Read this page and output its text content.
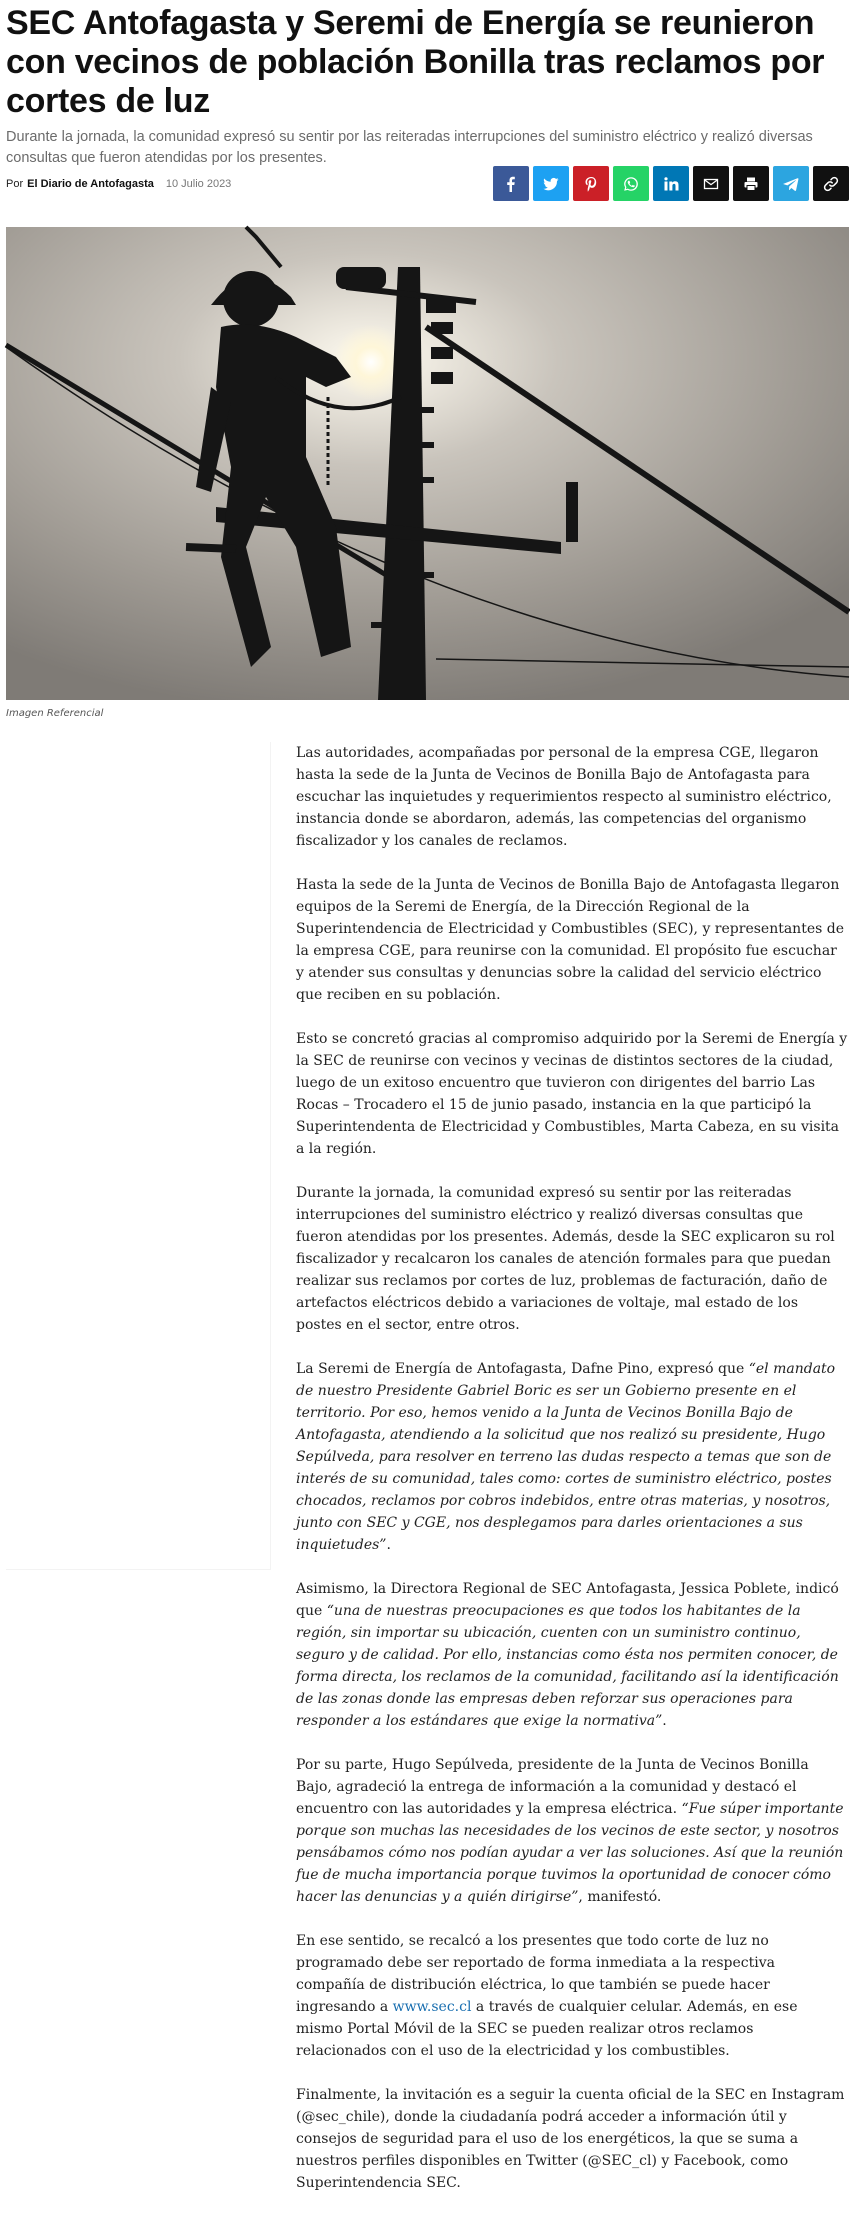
SEC Antofagasta y Seremi de Energía se reunieron con vecinos de población Bonilla tras reclamos por cortes de luz

Durante la jornada, la comunidad expresó su sentir por las reiteradas interrupciones del suministro eléctrico y realizó diversas consultas que fueron atendidas por los presentes.

Por El Diario de Antofagasta 10 Julio 2023
Imagen Referencial

Las autoridades, acompañadas por personal de la empresa CGE, llegaron hasta la sede de la Junta de Vecinos de Bonilla Bajo de Antofagasta para escuchar las inquietudes y requerimientos respecto al suministro eléctrico, instancia donde se abordaron, además, las competencias del organismo fiscalizador y los canales de reclamos.

Hasta la sede de la Junta de Vecinos de Bonilla Bajo de Antofagasta llegaron equipos de la Seremi de Energía, de la Dirección Regional de la Superintendencia de Electricidad y Combustibles (SEC), y representantes de la empresa CGE, para reunirse con la comunidad. El propósito fue escuchar y atender sus consultas y denuncias sobre la calidad del servicio eléctrico que reciben en su población.

Esto se concretó gracias al compromiso adquirido por la Seremi de Energía y la SEC de reunirse con vecinos y vecinas de distintos sectores de la ciudad, luego de un exitoso encuentro que tuvieron con dirigentes del barrio Las Rocas – Trocadero el 15 de junio pasado, instancia en la que participó la Superintendenta de Electricidad y Combustibles, Marta Cabeza, en su visita a la región.

Durante la jornada, la comunidad expresó su sentir por las reiteradas interrupciones del suministro eléctrico y realizó diversas consultas que fueron atendidas por los presentes. Además, desde la SEC explicaron su rol fiscalizador y recalcaron los canales de atención formales para que puedan realizar sus reclamos por cortes de luz, problemas de facturación, daño de artefactos eléctricos debido a variaciones de voltaje, mal estado de los postes en el sector, entre otros.

La Seremi de Energía de Antofagasta, Dafne Pino, expresó que “el mandato de nuestro Presidente Gabriel Boric es ser un Gobierno presente en el territorio. Por eso, hemos venido a la Junta de Vecinos Bonilla Bajo de Antofagasta, atendiendo a la solicitud que nos realizó su presidente, Hugo Sepúlveda, para resolver en terreno las dudas respecto a temas que son de interés de su comunidad, tales como: cortes de suministro eléctrico, postes chocados, reclamos por cobros indebidos, entre otras materias, y nosotros, junto con SEC y CGE, nos desplegamos para darles orientaciones a sus inquietudes”.

Asimismo, la Directora Regional de SEC Antofagasta, Jessica Poblete, indicó que “una de nuestras preocupaciones es que todos los habitantes de la región, sin importar su ubicación, cuenten con un suministro continuo, seguro y de calidad. Por ello, instancias como ésta nos permiten conocer, de forma directa, los reclamos de la comunidad, facilitando así la identificación de las zonas donde las empresas deben reforzar sus operaciones para responder a los estándares que exige la normativa”.

Por su parte, Hugo Sepúlveda, presidente de la Junta de Vecinos Bonilla Bajo, agradeció la entrega de información a la comunidad y destacó el encuentro con las autoridades y la empresa eléctrica. “Fue súper importante porque son muchas las necesidades de los vecinos de este sector, y nosotros pensábamos cómo nos podían ayudar a ver las soluciones. Así que la reunión fue de mucha importancia porque tuvimos la oportunidad de conocer cómo hacer las denuncias y a quién dirigirse”, manifestó.

En ese sentido, se recalcó a los presentes que todo corte de luz no programado debe ser reportado de forma inmediata a la respectiva compañía de distribución eléctrica, lo que también se puede hacer ingresando a www.sec.cl a través de cualquier celular. Además, en ese mismo Portal Móvil de la SEC se pueden realizar otros reclamos relacionados con el uso de la electricidad y los combustibles.

Finalmente, la invitación es a seguir la cuenta oficial de la SEC en Instagram (@sec_chile), donde la ciudadanía podrá acceder a información útil y consejos de seguridad para el uso de los energéticos, la que se suma a nuestros perfiles disponibles en Twitter (@SEC_cl) y Facebook, como Superintendencia SEC.
